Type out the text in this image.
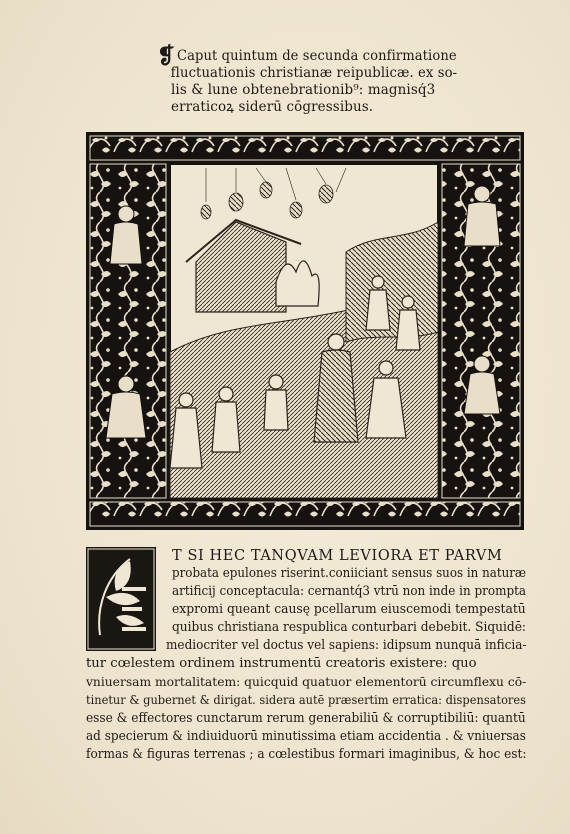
❡ Caput quintum de secunda confirmatione
fluctuationis christianæ reipublicæ. ex so-
lis & lune obtenebrationib⁹: magnisq́3
erraticoꝝ siderū cōgressibus.
T SI HEC TANQVAM LEVIORA ET PARVM
probata epulones riserint.coniiciant sensus suos in naturæ
artificij conceptacula: cernantq́3 vtrū non inde in prompta
expromi queant causę pcellarum eiuscemodi tempestatū
quibus christiana respublica conturbari debebit. Siquidē:
mediocriter vel doctus vel sapiens: idipsum nunquā inficia-
tur cœlestem ordinem instrumentū creatoris existere: quo
vniuersam mortalitatem: quicquid quatuor elementorū circumflexu cō-
tinetur & gubernet & dirigat. sidera autē præsertim erratica: dispensatores
esse & effectores cunctarum rerum generabiliū & corruptibiliū: quantū
ad specierum & indiuiduorū minutissima etiam accidentia . & vniuersas
formas & figuras terrenas ; a cœlestibus formari imaginibus, & hoc est:
